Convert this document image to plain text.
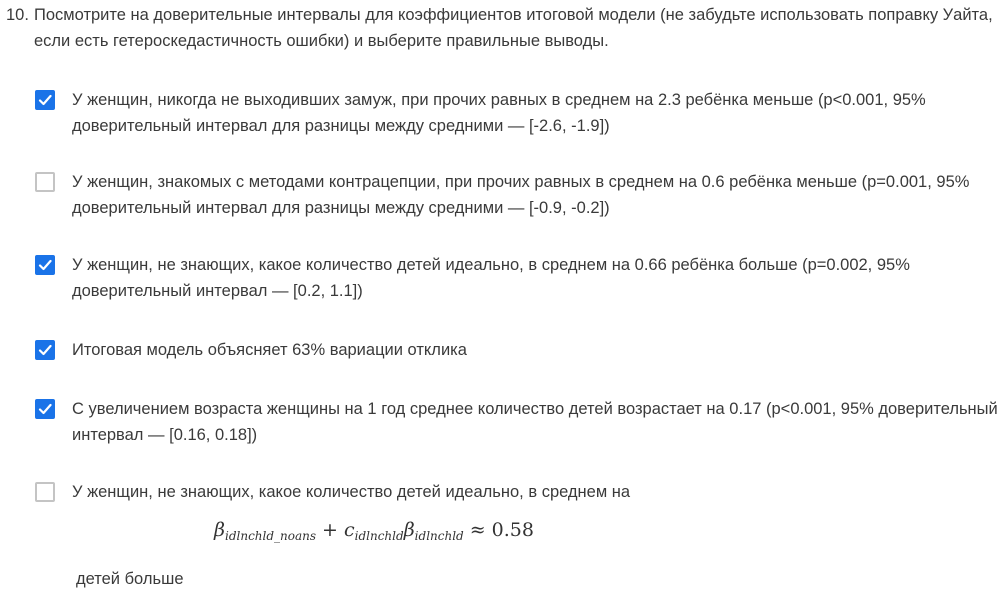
10. Посмотрите на доверительные интервалы для коэффициентов итоговой модели (не забудьте использовать поправку Уайта, если есть гетероскедастичность ошибки) и выберите правильные выводы.
У женщин, никогда не выходивших замуж, при прочих равных в среднем на 2.3 ребёнка меньше (p<0.001, 95% доверительный интервал для разницы между средними — [-2.6, -1.9])
У женщин, знакомых с методами контрацепции, при прочих равных в среднем на 0.6 ребёнка меньше (p=0.001, 95% доверительный интервал для разницы между средними — [-0.9, -0.2])
У женщин, не знающих, какое количество детей идеально, в среднем на 0.66 ребёнка больше (p=0.002, 95% доверительный интервал — [0.2, 1.1])
Итоговая модель объясняет 63% вариации отклика
С увеличением возраста женщины на 1 год среднее количество детей возрастает на 0.17 (p<0.001, 95% доверительный интервал — [0.16, 0.18])
У женщин, не знающих, какое количество детей идеально, в среднем на
$\beta_{idlnchld\_noans} + c_{idlnchld}\beta_{idlnchld} \approx 0.58$
детей больше
